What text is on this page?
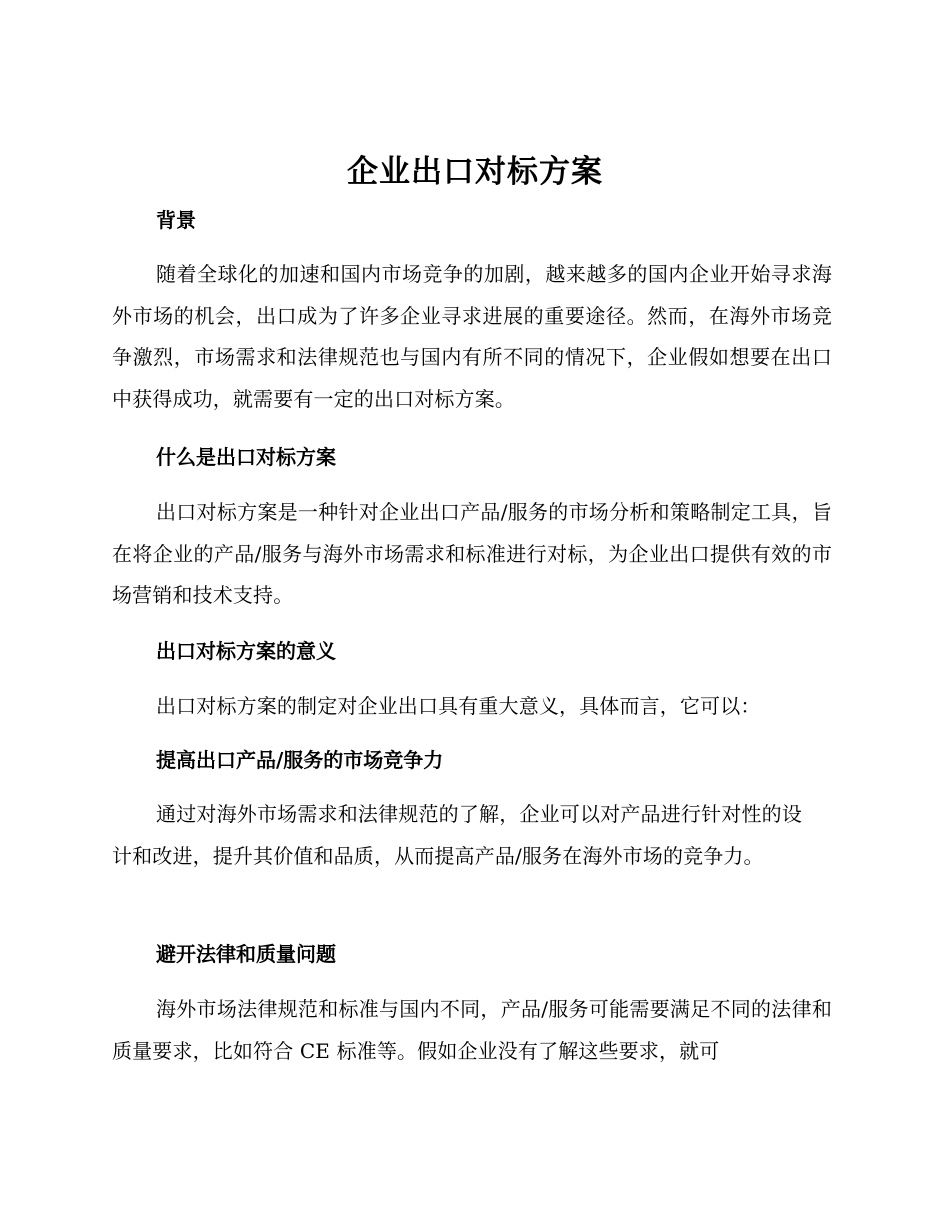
企业出口对标方案
背景
随着全球化的加速和国内市场竞争的加剧，越来越多的国内企业开始寻求海外市场的机会，出口成为了许多企业寻求进展的重要途径。然而，在海外市场竞争激烈，市场需求和法律规范也与国内有所不同的情况下，企业假如想要在出口中获得成功，就需要有一定的出口对标方案。
什么是出口对标方案
出口对标方案是一种针对企业出口产品/服务的市场分析和策略制定工具，旨在将企业的产品/服务与海外市场需求和标准进行对标，为企业出口提供有效的市场营销和技术支持。
出口对标方案的意义
出口对标方案的制定对企业出口具有重大意义，具体而言，它可以：
提高出口产品/服务的市场竞争力
通过对海外市场需求和法律规范的了解，企业可以对产品进行针对性的设计和改进，提升其价值和品质，从而提高产品/服务在海外市场的竞争力。
避开法律和质量问题
海外市场法律规范和标准与国内不同，产品/服务可能需要满足不同的法律和质量要求，比如符合 CE 标准等。假如企业没有了解这些要求，就可
